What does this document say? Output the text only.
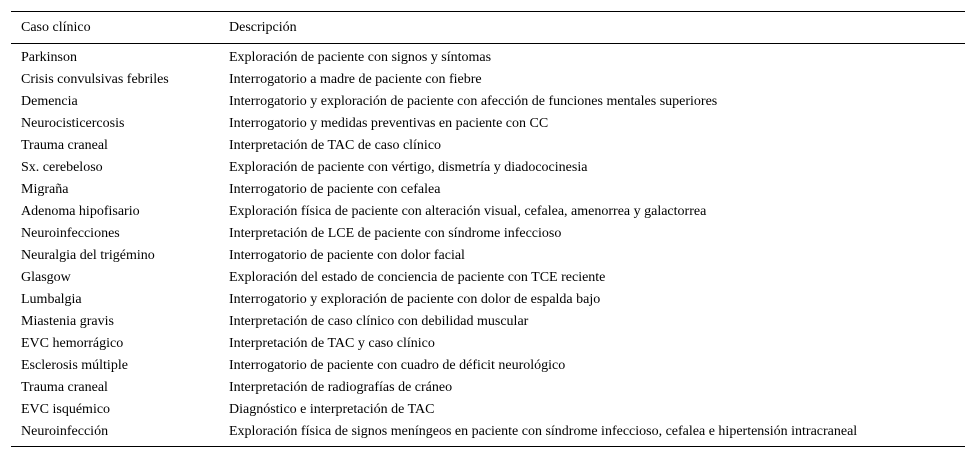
Caso clínico	Descripción
Parkinson	Exploración de paciente con signos y síntomas
Crisis convulsivas febriles	Interrogatorio a madre de paciente con fiebre
Demencia	Interrogatorio y exploración de paciente con afección de funciones mentales superiores
Neurocisticercosis	Interrogatorio y medidas preventivas en paciente con CC
Trauma craneal	Interpretación de TAC de caso clínico
Sx. cerebeloso	Exploración de paciente con vértigo, dismetría y diadococinesia
Migraña	Interrogatorio de paciente con cefalea
Adenoma hipofisario	Exploración física de paciente con alteración visual, cefalea, amenorrea y galactorrea
Neuroinfecciones	Interpretación de LCE de paciente con síndrome infeccioso
Neuralgia del trigémino	Interrogatorio de paciente con dolor facial
Glasgow	Exploración del estado de conciencia de paciente con TCE reciente
Lumbalgia	Interrogatorio y exploración de paciente con dolor de espalda bajo
Miastenia gravis	Interpretación de caso clínico con debilidad muscular
EVC hemorrágico	Interpretación de TAC y caso clínico
Esclerosis múltiple	Interrogatorio de paciente con cuadro de déficit neurológico
Trauma craneal	Interpretación de radiografías de cráneo
EVC isquémico	Diagnóstico e interpretación de TAC
Neuroinfección	Exploración física de signos meníngeos en paciente con síndrome infeccioso, cefalea e hipertensión intracraneal
